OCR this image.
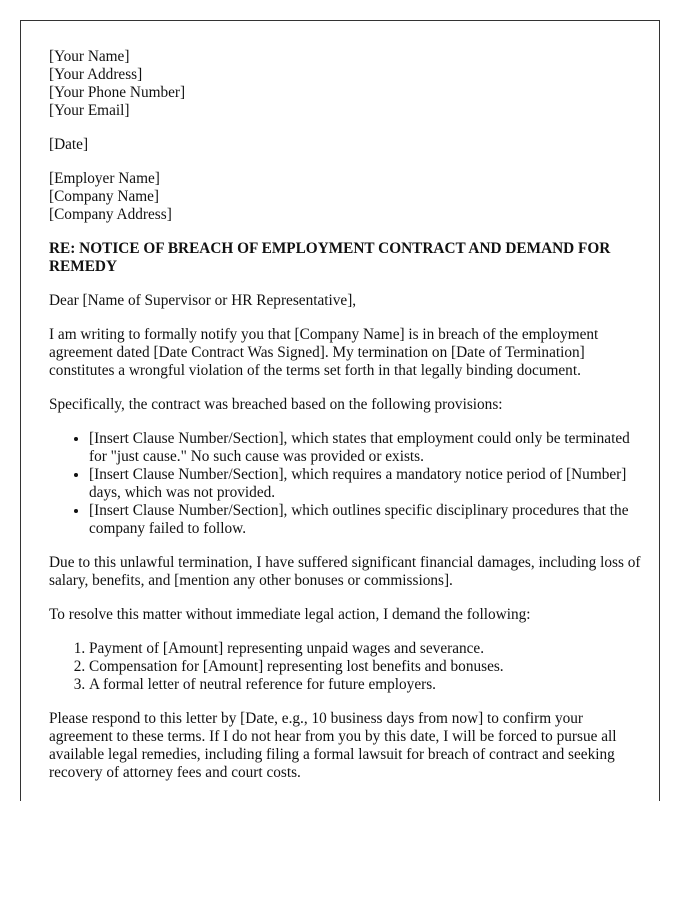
[Your Name]

[Your Address]

[Your Phone Number]

[Your Email]

[Date]

[Employer Name]

[Company Name]

[Company Address]

RE: NOTICE OF BREACH OF EMPLOYMENT CONTRACT AND DEMAND FOR REMEDY

Dear [Name of Supervisor or HR Representative],

I am writing to formally notify you that [Company Name] is in breach of the employment agreement dated [Date Contract Was Signed]. My termination on [Date of Termination] constitutes a wrongful violation of the terms set forth in that legally binding document.

Specifically, the contract was breached based on the following provisions:

• [Insert Clause Number/Section], which states that employment could only be terminated for "just cause." No such cause was provided or exists.
• [Insert Clause Number/Section], which requires a mandatory notice period of [Number] days, which was not provided.
• [Insert Clause Number/Section], which outlines specific disciplinary procedures that the company failed to follow.

Due to this unlawful termination, I have suffered significant financial damages, including loss of salary, benefits, and [mention any other bonuses or commissions].

To resolve this matter without immediate legal action, I demand the following:

1. Payment of [Amount] representing unpaid wages and severance.
2. Compensation for [Amount] representing lost benefits and bonuses.
3. A formal letter of neutral reference for future employers.

Please respond to this letter by [Date, e.g., 10 business days from now] to confirm your agreement to these terms. If I do not hear from you by this date, I will be forced to pursue all available legal remedies, including filing a formal lawsuit for breach of contract and seeking recovery of attorney fees and court costs.
